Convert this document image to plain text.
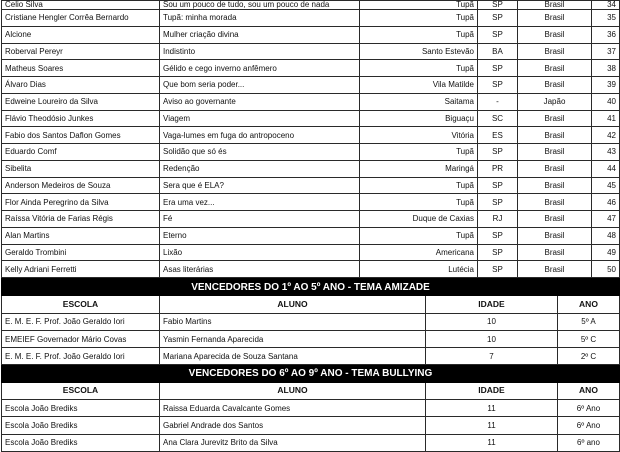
Celio Silva	Sou um pouco de tudo, sou um pouco de nada	Tupã	SP	Brasil	34
Cristiane Hengler Corrêa Bernardo	Tupã: minha morada	Tupã	SP	Brasil	35
Alcione	Mulher criação divina	Tupã	SP	Brasil	36
Roberval Pereyr	Indistinto	Santo Estevão	BA	Brasil	37
Matheus Soares	Gélido e cego inverno anfêmero	Tupã	SP	Brasil	38
Álvaro Dias	Que bom seria poder...	Vila Matilde	SP	Brasil	39
Edweine Loureiro da Silva	Aviso ao governante	Saitama	-	Japão	40
Flávio Theodósio Junkes	Viagem	Biguaçu	SC	Brasil	41
Fabio dos Santos Daflon Gomes	Vaga-lumes em fuga do antropoceno	Vitória	ES	Brasil	42
Eduardo Comf	Solidão que só és	Tupã	SP	Brasil	43
Sibelita	Redenção	Maringá	PR	Brasil	44
Anderson Medeiros de Souza	Sera que é ELA?	Tupã	SP	Brasil	45
Flor Ainda Peregrino da Silva	Era uma vez...	Tupã	SP	Brasil	46
Raíssa Vitória de Farias Régis	Fé	Duque de Caxias	RJ	Brasil	47
Alan Martins	Eterno	Tupã	SP	Brasil	48
Geraldo Trombini	Lixão	Americana	SP	Brasil	49
Kelly Adriani Ferretti	Asas literárias	Lutécia	SP	Brasil	50
VENCEDORES DO 1º AO 5º ANO - TEMA AMIZADE			
ESCOLA	ALUNO	IDADE	ANO
E. M. E. F. Prof. João Geraldo Iori	Fabio Martins	10	5º A
EMEIEF Governador Mário Covas	Yasmin Fernanda Aparecida	10	5º C
E. M. E. F. Prof. João Geraldo Iori	Mariana Aparecida de Souza Santana	7	2º C
VENCEDORES DO 6º AO 9º ANO - TEMA BULLYING			
ESCOLA	ALUNO	IDADE	ANO
Escola João Brediks	Raissa Eduarda Cavalcante Gomes	11	6º Ano
Escola João Brediks	Gabriel Andrade dos Santos	11	6º Ano
Escola João Brediks	Ana Clara Jurevitz Brito da Silva	11	6º ano
